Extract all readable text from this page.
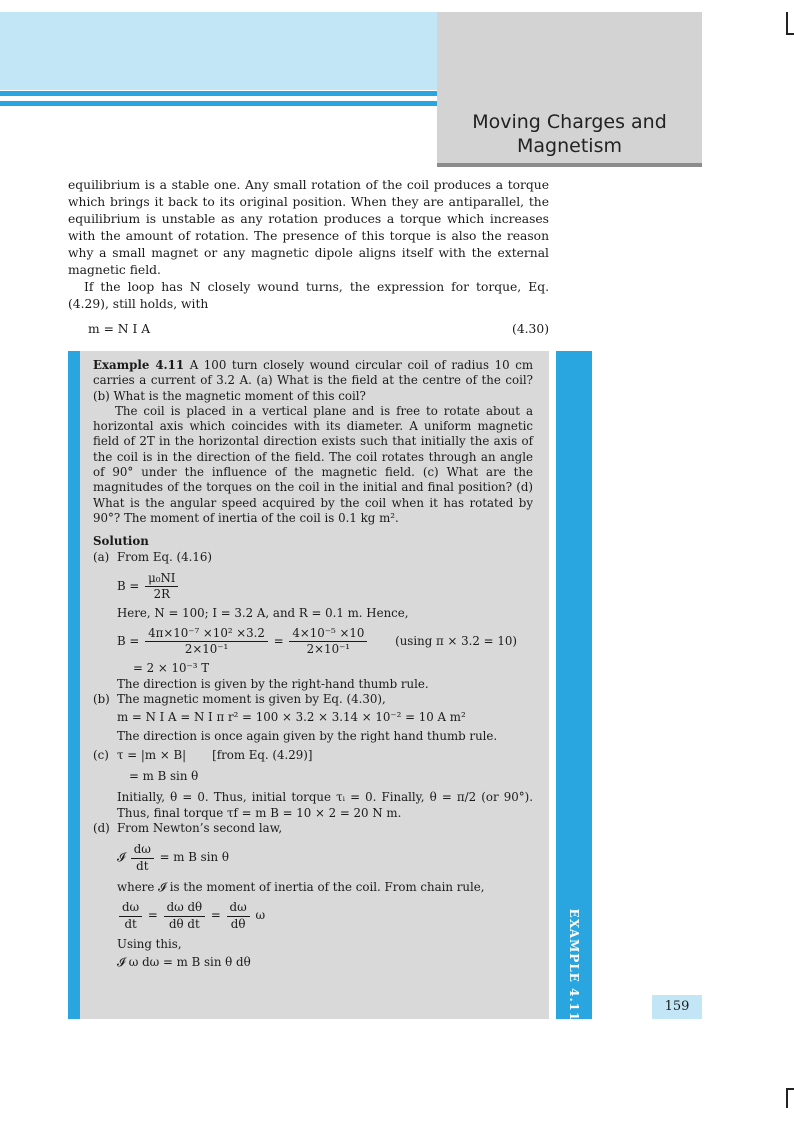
Moving Charges and
Magnetism

equilibrium is a stable one. Any small rotation of the coil produces a torque which brings it back to its original position. When they are antiparallel, the equilibrium is unstable as any rotation produces a torque which increases with the amount of rotation. The presence of this torque is also the reason why a small magnet or any magnetic dipole aligns itself with the external magnetic field.

If the loop has N closely wound turns, the expression for torque, Eq. (4.29), still holds, with

m = N I A	(4.30)
EXAMPLE 4.11

Example 4.11 A 100 turn closely wound circular coil of radius 10 cm carries a current of 3.2 A. (a) What is the field at the centre of the coil? (b) What is the magnetic moment of this coil?

The coil is placed in a vertical plane and is free to rotate about a horizontal axis which coincides with its diameter. A uniform magnetic field of 2T in the horizontal direction exists such that initially the axis of the coil is in the direction of the field. The coil rotates through an angle of 90° under the influence of the magnetic field. (c) What are the magnitudes of the torques on the coil in the initial and final position? (d) What is the angular speed acquired by the coil when it has rotated by 90°? The moment of inertia of the coil is 0.1 kg m².

Solution

(a) From Eq. (4.16)
$B = \frac{\text{μ₀NI}}{2R}$

Here, N = 100; I = 3.2 A, and R = 0.1 m. Hence,

$B = \frac{\text{4π×10⁻⁷ ×10² ×3.2}}{\text{2×10⁻¹}} = \frac{\text{4×10⁻⁵ ×10}}{\text{2×10⁻¹}} (using$ π × 3.2 = 10)

= 2 × 10⁻³ T

The direction is given by the right-hand thumb rule.

(b) The magnetic moment is given by Eq. (4.30),

m = N I A = N I π r² = 100 × 3.2 × 3.14 × 10⁻² = 10 A m²

The direction is once again given by the right hand thumb rule.

(c) τ = |m × B| [from Eq. (4.29)]

= m B sin θ

Initially, θ = 0. Thus, initial torque τᵢ = 0. Finally, θ = π/2 (or 90°). Thus, final torque τf = m B = 10 × 2 = 20 N m.

(d) From Newton’s second law,
𝓘 $\frac{d\omega}{dt} = m$ B sin θ

where 𝓘 is the moment of inertia of the coil. From chain rule,

$\frac{d\omega}{dt} = \frac{\text{dω dθ}}{\text{dθ dt}} = \frac{d\omega}{d\theta}$ ω

Using this,

𝓘 ω dω = m B sin θ dθ

159
